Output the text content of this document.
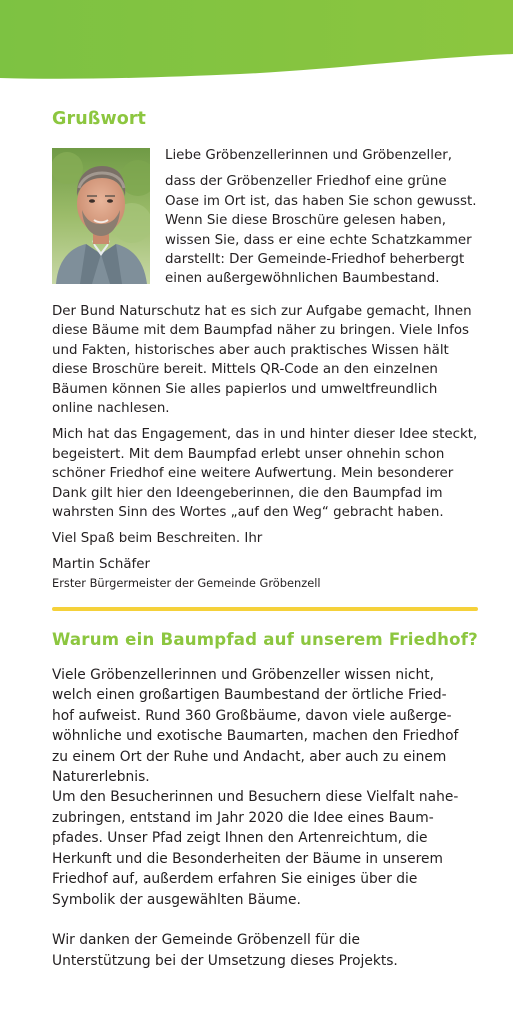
Grußwort

Liebe Gröbenzellerinnen und Gröbenzeller,

dass der Gröbenzeller Friedhof eine grüne
Oase im Ort ist, das haben Sie schon gewusst.
Wenn Sie diese Broschüre gelesen haben,
wissen Sie, dass er eine echte Schatzkammer
darstellt: Der Gemeinde-Friedhof beherbergt
einen außergewöhnlichen Baumbestand.

Der Bund Naturschutz hat es sich zur Aufgabe gemacht, Ihnen
diese Bäume mit dem Baumpfad näher zu bringen. Viele Infos
und Fakten, historisches aber auch praktisches Wissen hält
diese Broschüre bereit. Mittels QR-Code an den einzelnen
Bäumen können Sie alles papierlos und umweltfreundlich
online nachlesen.
Mich hat das Engagement, das in und hinter dieser Idee steckt,
begeistert. Mit dem Baumpfad erlebt unser ohnehin schon
schöner Friedhof eine weitere Aufwertung. Mein besonderer
Dank gilt hier den Ideengeberinnen, die den Baumpfad im
wahrsten Sinn des Wortes „auf den Weg“ gebracht haben.

Viel Spaß beim Beschreiten. Ihr

Martin Schäfer
Erster Bürgermeister der Gemeinde Gröbenzell
Warum ein Baumpfad auf unserem Friedhof?
Viele Gröbenzellerinnen und Gröbenzeller wissen nicht,
welch einen großartigen Baumbestand der örtliche Fried-
hof aufweist. Rund 360 Großbäume, davon viele außerge-
wöhnliche und exotische Baumarten, machen den Friedhof
zu einem Ort der Ruhe und Andacht, aber auch zu einem
Naturerlebnis.
Um den Besucherinnen und Besuchern diese Vielfalt nahe-
zubringen, entstand im Jahr 2020 die Idee eines Baum-
pfades. Unser Pfad zeigt Ihnen den Artenreichtum, die
Herkunft und die Besonderheiten der Bäume in unserem
Friedhof auf, außerdem erfahren Sie einiges über die
Symbolik der ausgewählten Bäume.
Wir danken der Gemeinde Gröbenzell für die
Unterstützung bei der Umsetzung dieses Projekts.
